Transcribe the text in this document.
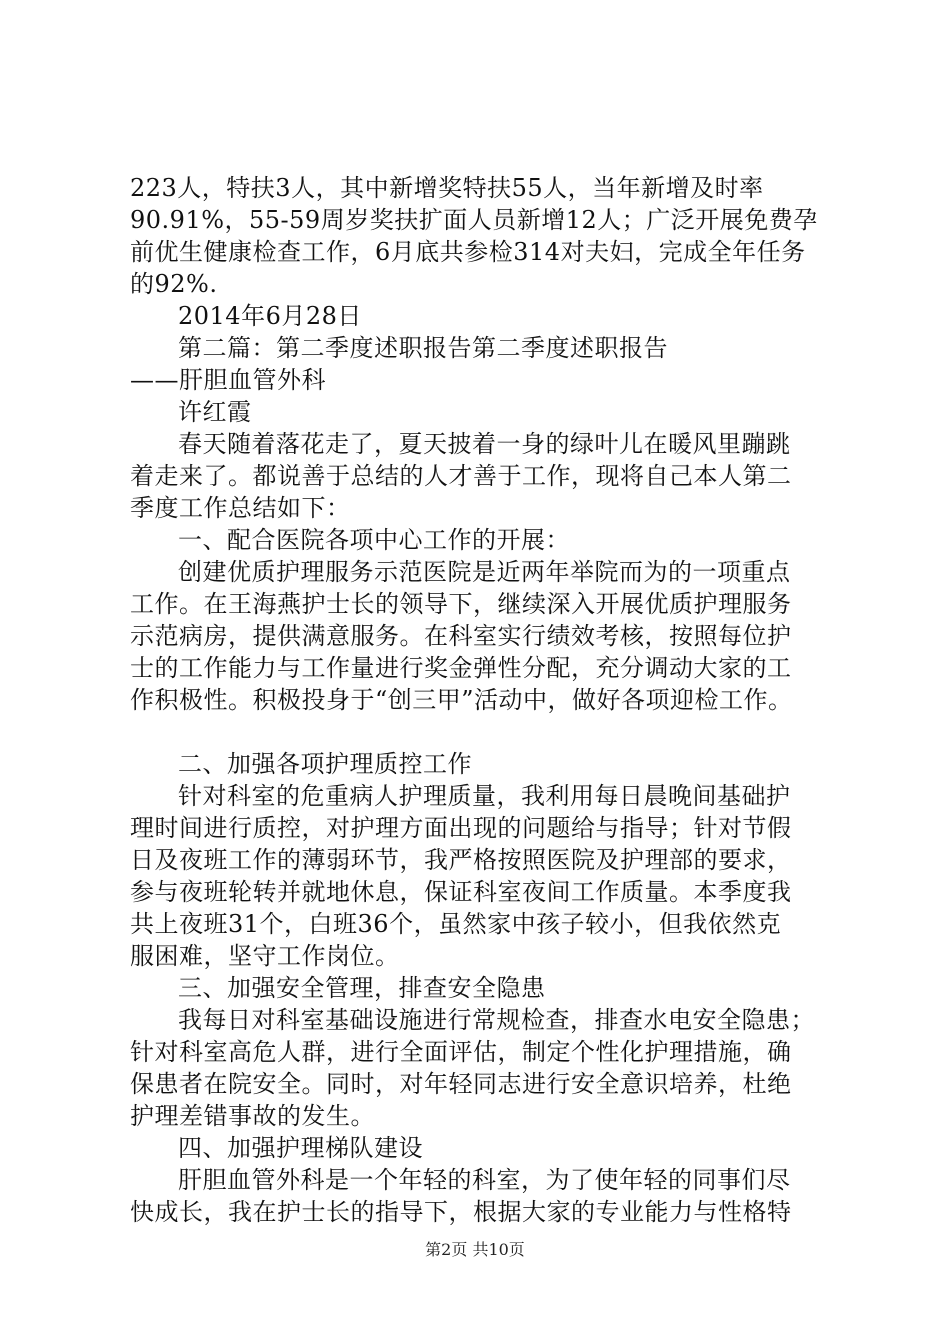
223人，特扶3人，其中新增奖特扶55人，当年新增及时率
90.91%，55-59周岁奖扶扩面人员新增12人；广泛开展免费孕
前优生健康检查工作，6月底共参检314对夫妇，完成全年任务
的92%.
2014年6月28日
第二篇：第二季度述职报告第二季度述职报告
——肝胆血管外科
许红霞
春天随着落花走了，夏天披着一身的绿叶儿在暖风里蹦跳
着走来了。都说善于总结的人才善于工作，现将自己本人第二
季度工作总结如下：
一、配合医院各项中心工作的开展：
创建优质护理服务示范医院是近两年举院而为的一项重点
工作。在王海燕护士长的领导下，继续深入开展优质护理服务
示范病房，提供满意服务。在科室实行绩效考核，按照每位护
士的工作能力与工作量进行奖金弹性分配，充分调动大家的工
作积极性。积极投身于“创三甲”活动中，做好各项迎检工作。
二、加强各项护理质控工作
针对科室的危重病人护理质量，我利用每日晨晚间基础护
理时间进行质控，对护理方面出现的问题给与指导；针对节假
日及夜班工作的薄弱环节，我严格按照医院及护理部的要求，
参与夜班轮转并就地休息，保证科室夜间工作质量。本季度我
共上夜班31个，白班36个，虽然家中孩子较小，但我依然克
服困难，坚守工作岗位。
三、加强安全管理，排查安全隐患
我每日对科室基础设施进行常规检查，排查水电安全隐患；
针对科室高危人群，进行全面评估，制定个性化护理措施，确
保患者在院安全。同时，对年轻同志进行安全意识培养，杜绝
护理差错事故的发生。
四、加强护理梯队建设
肝胆血管外科是一个年轻的科室，为了使年轻的同事们尽
快成长，我在护士长的指导下，根据大家的专业能力与性格特
第2页 共10页
